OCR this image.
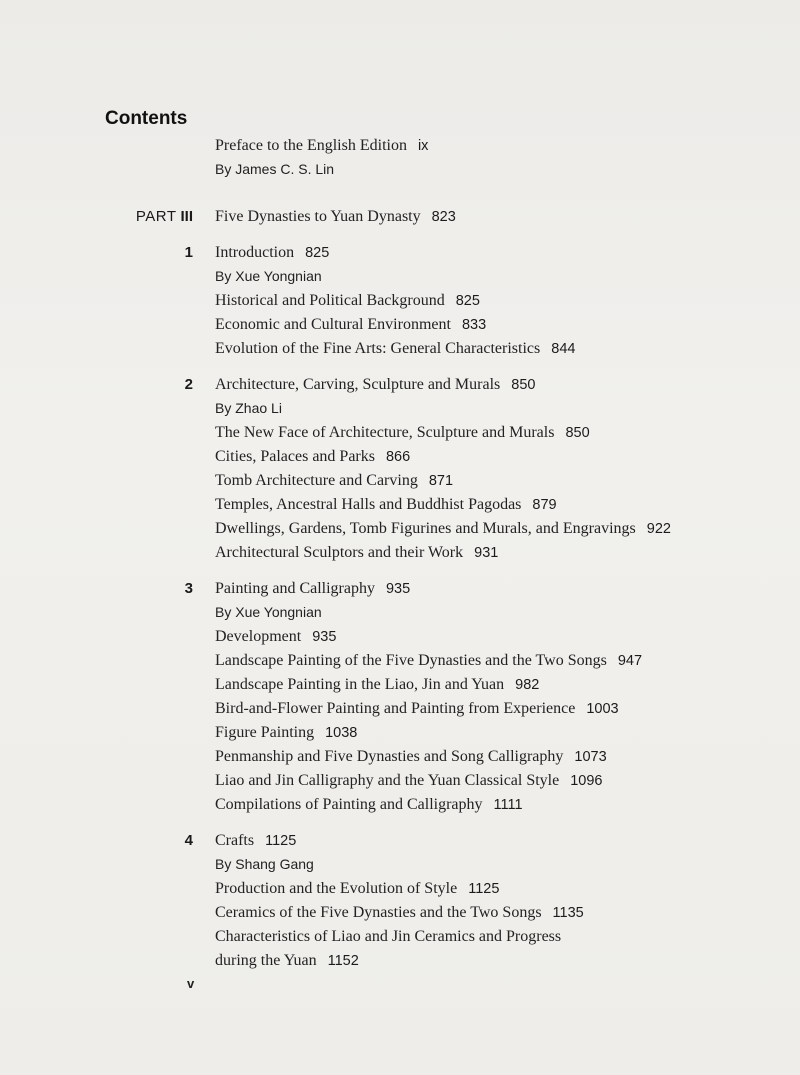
Contents
Preface to the English Edition ix
By James C. S. Lin
PART III Five Dynasties to Yuan Dynasty 823
1 Introduction 825
By Xue Yongnian
Historical and Political Background 825
Economic and Cultural Environment 833
Evolution of the Fine Arts: General Characteristics 844
2 Architecture, Carving, Sculpture and Murals 850
By Zhao Li
The New Face of Architecture, Sculpture and Murals 850
Cities, Palaces and Parks 866
Tomb Architecture and Carving 871
Temples, Ancestral Halls and Buddhist Pagodas 879
Dwellings, Gardens, Tomb Figurines and Murals, and Engravings 922
Architectural Sculptors and their Work 931
3 Painting and Calligraphy 935
By Xue Yongnian
Development 935
Landscape Painting of the Five Dynasties and the Two Songs 947
Landscape Painting in the Liao, Jin and Yuan 982
Bird-and-Flower Painting and Painting from Experience 1003
Figure Painting 1038
Penmanship and Five Dynasties and Song Calligraphy 1073
Liao and Jin Calligraphy and the Yuan Classical Style 1096
Compilations of Painting and Calligraphy 1111
4 Crafts 1125
By Shang Gang
Production and the Evolution of Style 1125
Ceramics of the Five Dynasties and the Two Songs 1135
Characteristics of Liao and Jin Ceramics and Progress
during the Yuan 1152
v
